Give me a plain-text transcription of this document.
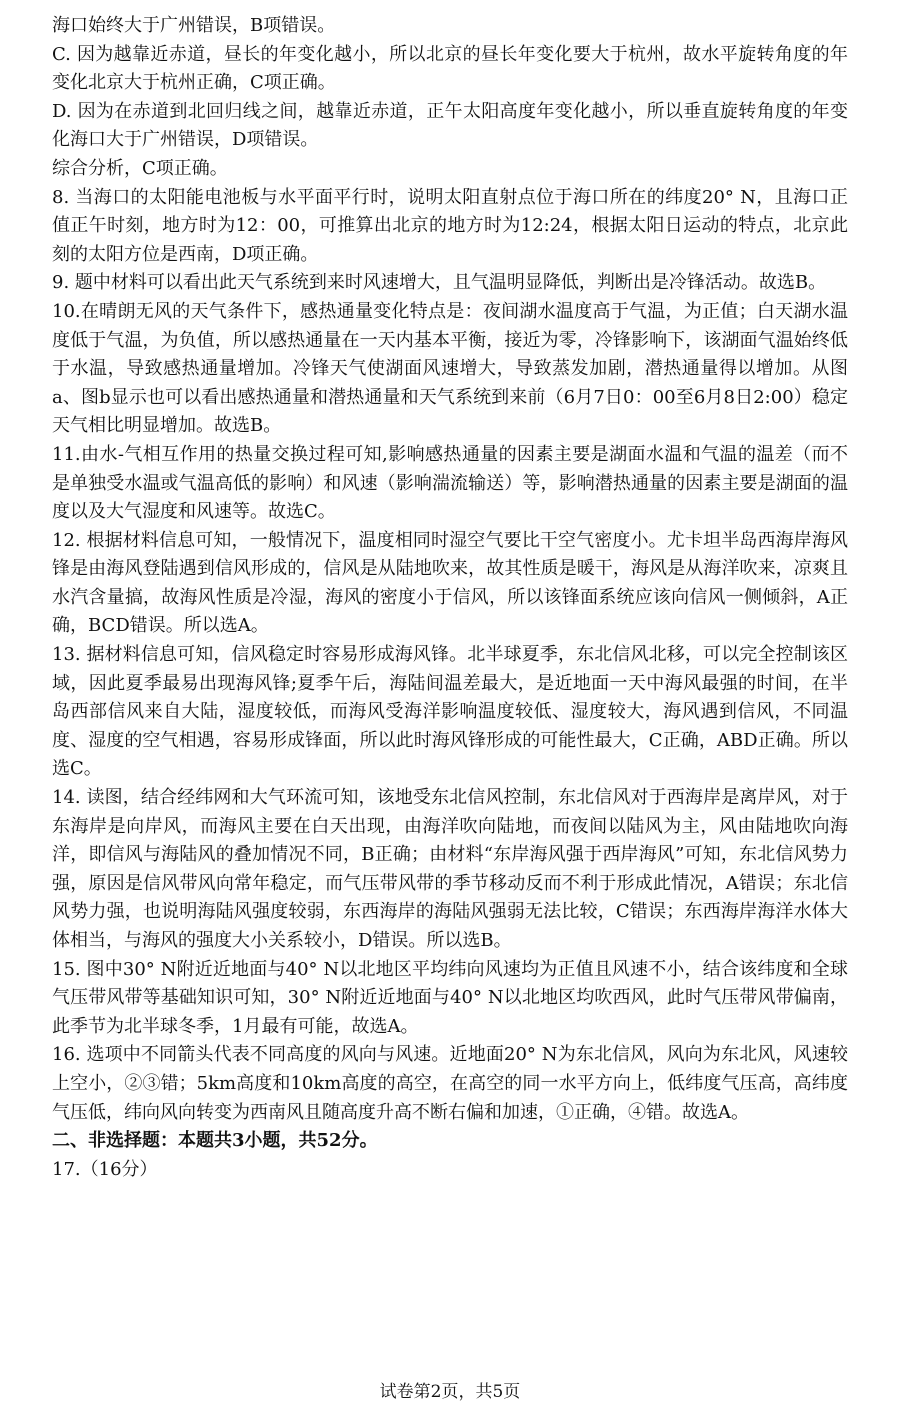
海口始终大于广州错误，B项错误。

C. 因为越靠近赤道，昼长的年变化越小，所以北京的昼长年变化要大于杭州，故水平旋转角度的年变化北京大于杭州正确，C项正确。

D. 因为在赤道到北回归线之间，越靠近赤道，正午太阳高度年变化越小，所以垂直旋转角度的年变化海口大于广州错误，D项错误。

综合分析，C项正确。

8. 当海口的太阳能电池板与水平面平行时，说明太阳直射点位于海口所在的纬度20° N，且海口正值正午时刻，地方时为12：00，可推算出北京的地方时为12:24，根据太阳日运动的特点，北京此刻的太阳方位是西南，D项正确。

9. 题中材料可以看出此天气系统到来时风速增大，且气温明显降低，判断出是冷锋活动。故选B。

10.在晴朗无风的天气条件下，感热通量变化特点是：夜间湖水温度高于气温，为正值；白天湖水温度低于气温，为负值，所以感热通量在一天内基本平衡，接近为零，冷锋影响下，该湖面气温始终低于水温，导致感热通量增加。冷锋天气使湖面风速增大，导致蒸发加剧，潜热通量得以增加。从图a、图b显示也可以看出感热通量和潜热通量和天气系统到来前（6月7日0：00至6月8日2:00）稳定天气相比明显增加。故选B。

11.由水-气相互作用的热量交换过程可知,影响感热通量的因素主要是湖面水温和气温的温差（而不是单独受水温或气温高低的影响）和风速（影响湍流输送）等，影响潜热通量的因素主要是湖面的温度以及大气湿度和风速等。故选C。

12. 根据材料信息可知，一般情况下，温度相同时湿空气要比干空气密度小。尤卡坦半岛西海岸海风锋是由海风登陆遇到信风形成的，信风是从陆地吹来，故其性质是暖干，海风是从海洋吹来，凉爽且水汽含量搞，故海风性质是冷湿，海风的密度小于信风，所以该锋面系统应该向信风一侧倾斜，A正确，BCD错误。所以选A。

13. 据材料信息可知，信风稳定时容易形成海风锋。北半球夏季，东北信风北移，可以完全控制该区域，因此夏季最易出现海风锋;夏季午后，海陆间温差最大，是近地面一天中海风最强的时间，在半岛西部信风来自大陆，湿度较低，而海风受海洋影响温度较低、湿度较大，海风遇到信风，不同温度、湿度的空气相遇，容易形成锋面，所以此时海风锋形成的可能性最大，C正确，ABD正确。所以选C。

14. 读图，结合经纬网和大气环流可知，该地受东北信风控制，东北信风对于西海岸是离岸风，对于东海岸是向岸风，而海风主要在白天出现，由海洋吹向陆地，而夜间以陆风为主，风由陆地吹向海洋，即信风与海陆风的叠加情况不同，B正确；由材料“东岸海风强于西岸海风”可知，东北信风势力强，原因是信风带风向常年稳定，而气压带风带的季节移动反而不利于形成此情况，A错误；东北信风势力强，也说明海陆风强度较弱，东西海岸的海陆风强弱无法比较，C错误；东西海岸海洋水体大体相当，与海风的强度大小关系较小，D错误。所以选B。

15. 图中30° N附近近地面与40° N以北地区平均纬向风速均为正值且风速不小，结合该纬度和全球气压带风带等基础知识可知，30° N附近近地面与40° N以北地区均吹西风，此时气压带风带偏南，此季节为北半球冬季，1月最有可能，故选A。

16. 选项中不同箭头代表不同高度的风向与风速。近地面20° N为东北信风，风向为东北风，风速较上空小，②③错；5km高度和10km高度的高空，在高空的同一水平方向上，低纬度气压高，高纬度气压低，纬向风向转变为西南风且随高度升高不断右偏和加速，①正确，④错。故选A。

二、非选择题：本题共3小题，共52分。

17.（16分）

试卷第2页，共5页
